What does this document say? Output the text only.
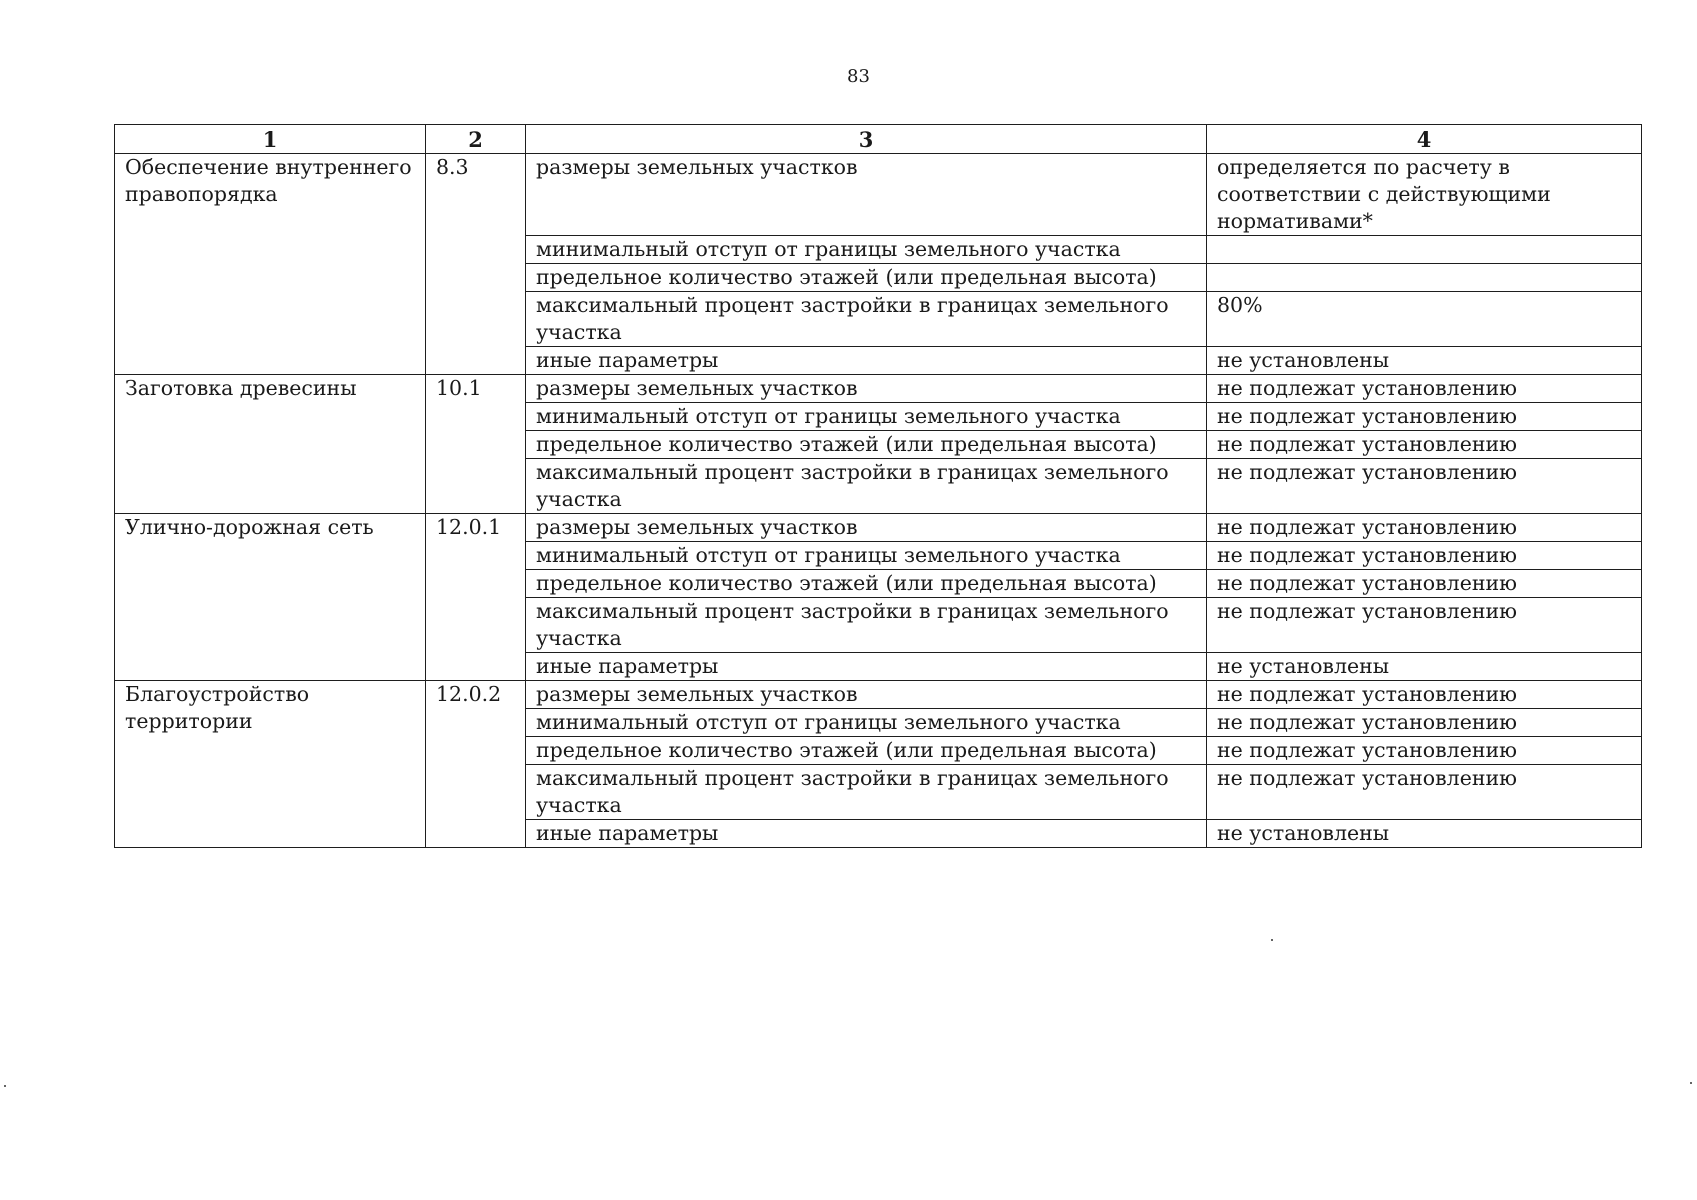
83
1	2	3	4
Обеспечение внутреннего правопорядка	8.3	размеры земельных участков	определяется по расчету в соответствии с действующими нормативами*
		минимальный отступ от границы земельного участка	
		предельное количество этажей (или предельная высота)	
		максимальный процент застройки в границах земельного участка	80%
		иные параметры	не установлены
Заготовка древесины	10.1	размеры земельных участков	не подлежат установлению
		минимальный отступ от границы земельного участка	не подлежат установлению
		предельное количество этажей (или предельная высота)	не подлежат установлению
		максимальный процент застройки в границах земельного участка	не подлежат установлению
Улично-дорожная сеть	12.0.1	размеры земельных участков	не подлежат установлению
		минимальный отступ от границы земельного участка	не подлежат установлению
		предельное количество этажей (или предельная высота)	не подлежат установлению
		максимальный процент застройки в границах земельного участка	не подлежат установлению
		иные параметры	не установлены
Благоустройство территории	12.0.2	размеры земельных участков	не подлежат установлению
		минимальный отступ от границы земельного участка	не подлежат установлению
		предельное количество этажей (или предельная высота)	не подлежат установлению
		максимальный процент застройки в границах земельного участка	не подлежат установлению
		иные параметры	не установлены
